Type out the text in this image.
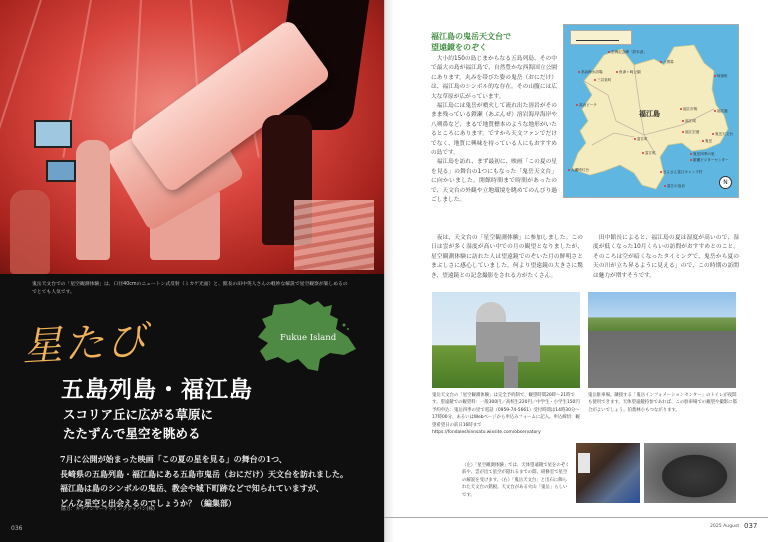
鬼岳天文台での「星空観測体験」は、口径40cmのニュートン式反射（ミカゲ光面）と、館長の田中英人さんの軽妙な解説で星空観察が楽しめるのでとても人気です。
星たび	Fukue Island
五島列島・福江島
スコリア丘に広がる草原に
たたずんで星空を眺める
7月に公開が始まった映画「この夏の星を見る」の舞台の1つ、
長崎県の五島列島・福江島にある五島市鬼岳（おにだけ）天文台を訪れました。
福江島は島のシンボルの鬼岳、教会や城下町跡などで知られていますが、
どんな星空と出会えるのでしょうか？（編集部）
協力：キヤノンマーケティングジャパン(株)
036
福江島の鬼岳天文台で
望遠鏡をのぞく

大小約150の島じまからなる五島列島、その中で最大の島が福江島で、自然豊かな西海国立公園にあります。丸みを帯びた姿の鬼岳（おにだけ）は、福江島のシンボル的な存在。その山腹には広大な草原が広がっています。

福江島には鬼岳が噴火して流れ出た溶岩がそのまま残っている鐙瀬（あぶんぜ）溶岩海岸海岸や八朔鼻など、まるで地質標本のような地形がいたるところにあります。ですから天文ファンでだけでなく、地質に興味を持っている人にもおすすめの島です。

福江島を訪れ、まず最初に、映画「この夏の星を見る」の舞台の1つにもなった「鬼岳天文台」に向かいました。開館時間まで時間があったので、天文台の外観や立地環境を眺めてのんびり過ごしました。

夜は、天文台の「星空観測体験」に参加しました。この日は雲が多く湿度が高い中での月の観望となりましたが、星空観測体験に訪れた人は望遠鏡でのぞいた月の鮮明さとまぶしさに感心していました。何より望遠鏡の大きさに驚き、望遠鏡との記念撮影をされる方がたくさん。

田中館長によると、福江島の夏は湿度が高いので、湿度が低くなった10月くらいの訪問がおすすめとのこと。そのころは空が暗くなったタイミングで、鬼岳から夏の天の川が立ち昇るように見える」ので、この時期の訪問は魅力が増すそうです。

福江島
空海記念碑「辞本涯」
八朔鼻
高浜海水浴場	魚津ヶ崎公園
三井楽町
岐宿町
高浜ビーチ
福江市街	福江港
福江城
福江空港	鬼岳天文台
富江町	鬼岳
富江町	鬼岳四季の里
鐙瀬ビジターセンター
大瀬埼灯台	さんさん富江キャンプ村
富江の溶岩	N
鬼岳天文台の「星空観測体験」は完全予約制で、観望時間20時〜21時です。望遠鏡での観望料：一般300円／高校生220円／中学生・小学生150円　予約申込：鬼岳四季の里で電話（0959-74-5661）受付時間は14時30分〜17時00分、あるいはWebページから申込みフォームに記入。申込締切：観望希望日の前日16時まで　https://fondaleshinnsato.wixsite.com/observatory
鬼岳駐車場。隣接する「鬼岳インフォメーションセンター」のトイレが夜間も使用できます。天体望遠鏡持参であれば、この駐車場での観望や撮影に都合がよいでしょう。伯耆林小もつながります。
（左）「星空観測体験」では、天体望遠鏡で星をのぞく前や、雲が出て星空が隠れるまでの間、研修室で星空の解説を受けます。（右）「鬼岳天文台」と出石に飾られた天文台の銘板。天文台がある火山「鬼岳」らしいです。
2025 August 037
